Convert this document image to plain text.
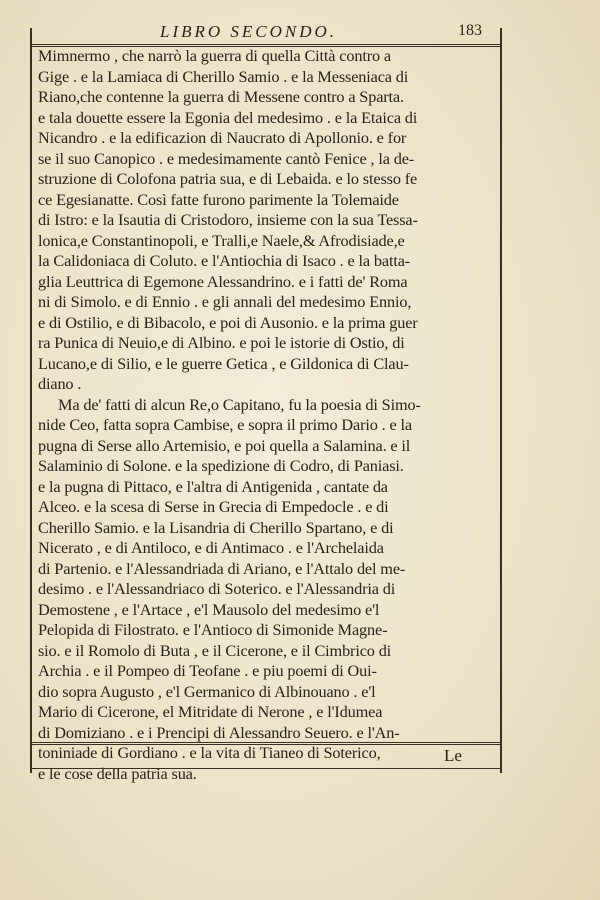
LIBRO SECONDO.	183
Mimnermo , che narrò la guerra di quella Città contro a
Gige . e la Lamiaca di Cherillo Samio . e la Messeniaca di
Riano,che contenne la guerra di Messene contro a Sparta.
e tala douette essere la Egonia del medesimo . e la Etaica di
Nicandro . e la edificazion di Naucrato di Apollonio. e for
se il suo Canopico . e medesimamente cantò Fenice , la de-
struzione di Colofona patria sua, e di Lebaida. e lo stesso fe
ce Egesianatte. Così fatte furono parimente la Tolemaide
di Istro: e la Isautia di Cristodoro, insieme con la sua Tessa-
lonica,e Constantinopoli, e Tralli,e Naele,& Afrodisiade,e
la Calidoniaca di Coluto. e l'Antiochia di Isaco . e la batta-
glia Leuttrica di Egemone Alessandrino. e i fatti de' Roma
ni di Simolo. e di Ennio . e gli annali del medesimo Ennio,
e di Ostilio, e di Bibacolo, e poi di Ausonio. e la prima guer
ra Punica di Neuio,e di Albino. e poi le istorie di Ostio, di
Lucano,e di Silio, e le guerre Getica , e Gildonica di Clau-
diano .
Ma de' fatti di alcun Re,o Capitano, fu la poesia di Simo-
nide Ceo, fatta sopra Cambise, e sopra il primo Dario . e la
pugna di Serse allo Artemisio, e poi quella a Salamina. e il
Salaminio di Solone. e la spedizione di Codro, di Paniasi.
e la pugna di Pittaco, e l'altra di Antigenida , cantate da
Alceo. e la scesa di Serse in Grecia di Empedocle . e di
Cherillo Samio. e la Lisandria di Cherillo Spartano, e di
Nicerato , e di Antiloco, e di Antimaco . e l'Archelaida
di Partenio. e l'Alessandriada di Ariano, e l'Attalo del me-
desimo . e l'Alessandriaco di Soterico. e l'Alessandria di
Demostene , e l'Artace , e'l Mausolo del medesimo e'l
Pelopida di Filostrato. e l'Antioco di Simonide Magne-
sio. e il Romolo di Buta , e il Cicerone, e il Cimbrico di
Archia . e il Pompeo di Teofane . e piu poemi di Oui-
dio sopra Augusto , e'l Germanico di Albinouano . e'l
Mario di Cicerone, el Mitridate di Nerone , e l'Idumea
di Domiziano . e i Prencipi di Alessandro Seuero. e l'An-
toniniade di Gordiano . e la vita di Tianeo di Soterico,
e le cose della patria sua.
Le
